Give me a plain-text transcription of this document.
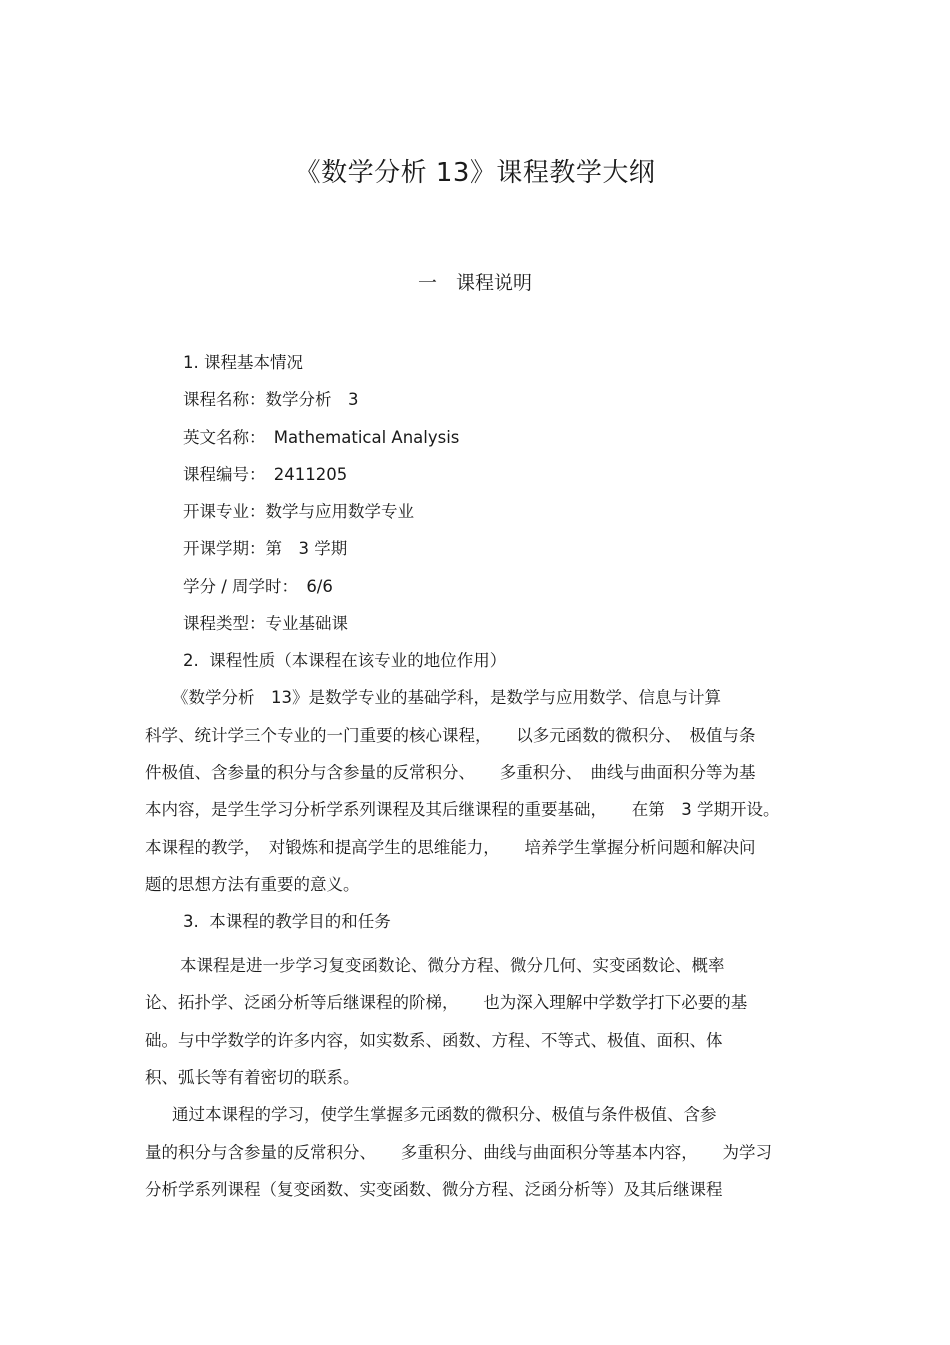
《数学分析 13》课程教学大纲
一　课程说明
1. 课程基本情况
课程名称：数学分析　3
英文名称：　Mathematical Analysis
课程编号：　2411205
开课专业：数学与应用数学专业
开课学期：第　3 学期
学分 / 周学时：　6/6
课程类型：专业基础课
2.  课程性质（本课程在该专业的地位作用）
《数学分析　13》是数学专业的基础学科，是数学与应用数学、信息与计算
科学、统计学三个专业的一门重要的核心课程，　　以多元函数的微积分、　极值与条
件极值、含参量的积分与含参量的反常积分、　　多重积分、　曲线与曲面积分等为基
本内容，是学生学习分析学系列课程及其后继课程的重要基础，　　在第　3 学期开设。
本课程的教学，　对锻炼和提高学生的思维能力，　　培养学生掌握分析问题和解决问
题的思想方法有重要的意义。
3.  本课程的教学目的和任务
本课程是进一步学习复变函数论、微分方程、微分几何、实变函数论、概率
论、拓扑学、泛函分析等后继课程的阶梯，　　也为深入理解中学数学打下必要的基
础。与中学数学的许多内容，如实数系、函数、方程、不等式、极值、面积、体
积、弧长等有着密切的联系。
通过本课程的学习，使学生掌握多元函数的微积分、极值与条件极值、含参
量的积分与含参量的反常积分、　　多重积分、曲线与曲面积分等基本内容，　　为学习
分析学系列课程（复变函数、实变函数、微分方程、泛函分析等）及其后继课程
